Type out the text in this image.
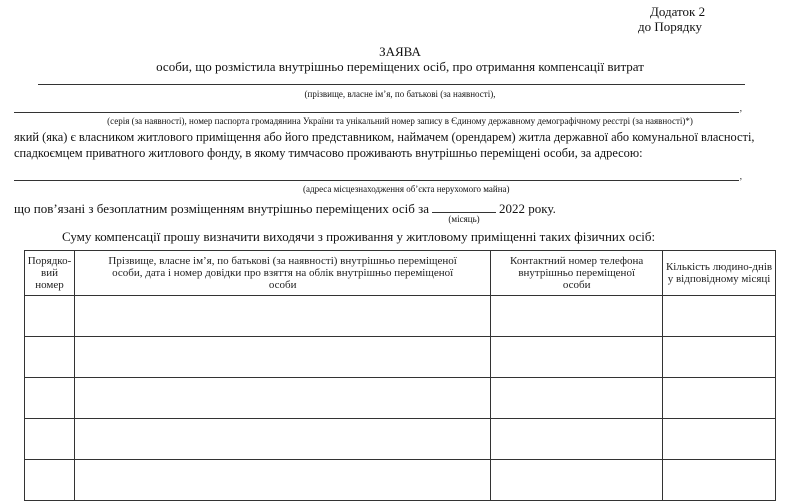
Додаток 2
до Порядку
ЗАЯВА
особи, що розмістила внутрішньо переміщених осіб, про отримання компенсації витрат
(прізвище, власне ім’я, по батькові (за наявності),
,
(серія (за наявності), номер паспорта громадянина України та унікальний номер запису в Єдиному державному демографічному реєстрі (за наявності)*)
який (яка) є власником житлового приміщення або його представником, наймачем (орендарем) житла державної або комунальної власності,
спадкоємцем приватного житлового фонду, в якому тимчасово проживають внутрішньо переміщені особи, за адресою:
,
(адреса місцезнаходження об’єкта нерухомого майна)
що пов’язані з безоплатним розміщенням внутрішньо переміщених осіб за
(місяць)
2022 року.
Суму компенсації прошу визначити виходячи з проживання у житловому приміщенні таких фізичних осіб:
Порядко-вий номер	Прізвище, власне ім’я, по батькові (за наявності) внутрішньо переміщеної особи, дата і номер довідки про взяття на облік внутрішньо переміщеної особи	Контактний номер телефона внутрішньо переміщеної особи	Кількість людино-днів у відповідному місяці
